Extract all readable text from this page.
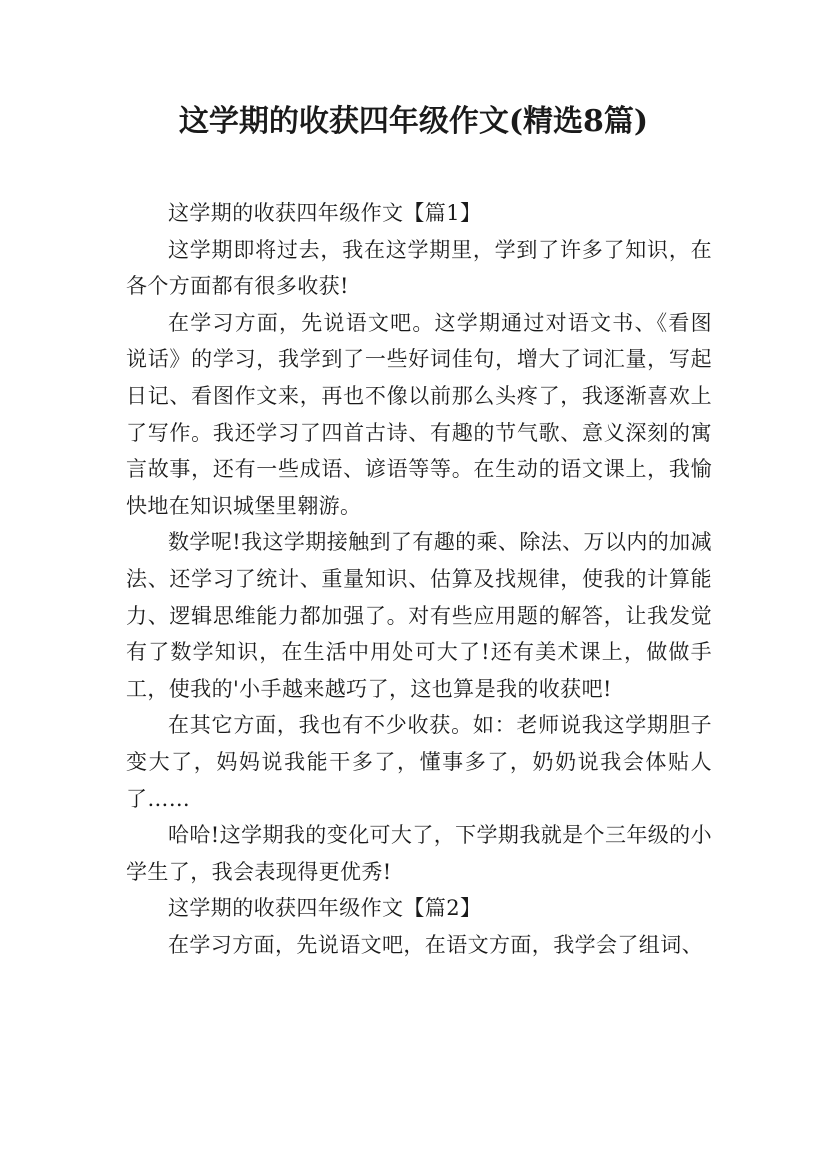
这学期的收获四年级作文(精选8篇)

这学期的收获四年级作文【篇1】

这学期即将过去，我在这学期里，学到了许多了知识，在各个方面都有很多收获!

在学习方面，先说语文吧。这学期通过对语文书、《看图说话》的学习，我学到了一些好词佳句，增大了词汇量，写起日记、看图作文来，再也不像以前那么头疼了，我逐渐喜欢上了写作。我还学习了四首古诗、有趣的节气歌、意义深刻的寓言故事，还有一些成语、谚语等等。在生动的语文课上，我愉快地在知识城堡里翱游。

数学呢!我这学期接触到了有趣的乘、除法、万以内的加减法、还学习了统计、重量知识、估算及找规律，使我的计算能力、逻辑思维能力都加强了。对有些应用题的解答，让我发觉有了数学知识，在生活中用处可大了!还有美术课上，做做手工，使我的'小手越来越巧了，这也算是我的收获吧!

在其它方面，我也有不少收获。如：老师说我这学期胆子变大了，妈妈说我能干多了，懂事多了，奶奶说我会体贴人了……

哈哈!这学期我的变化可大了，下学期我就是个三年级的小学生了，我会表现得更优秀!

这学期的收获四年级作文【篇2】

在学习方面，先说语文吧，在语文方面，我学会了组词、
